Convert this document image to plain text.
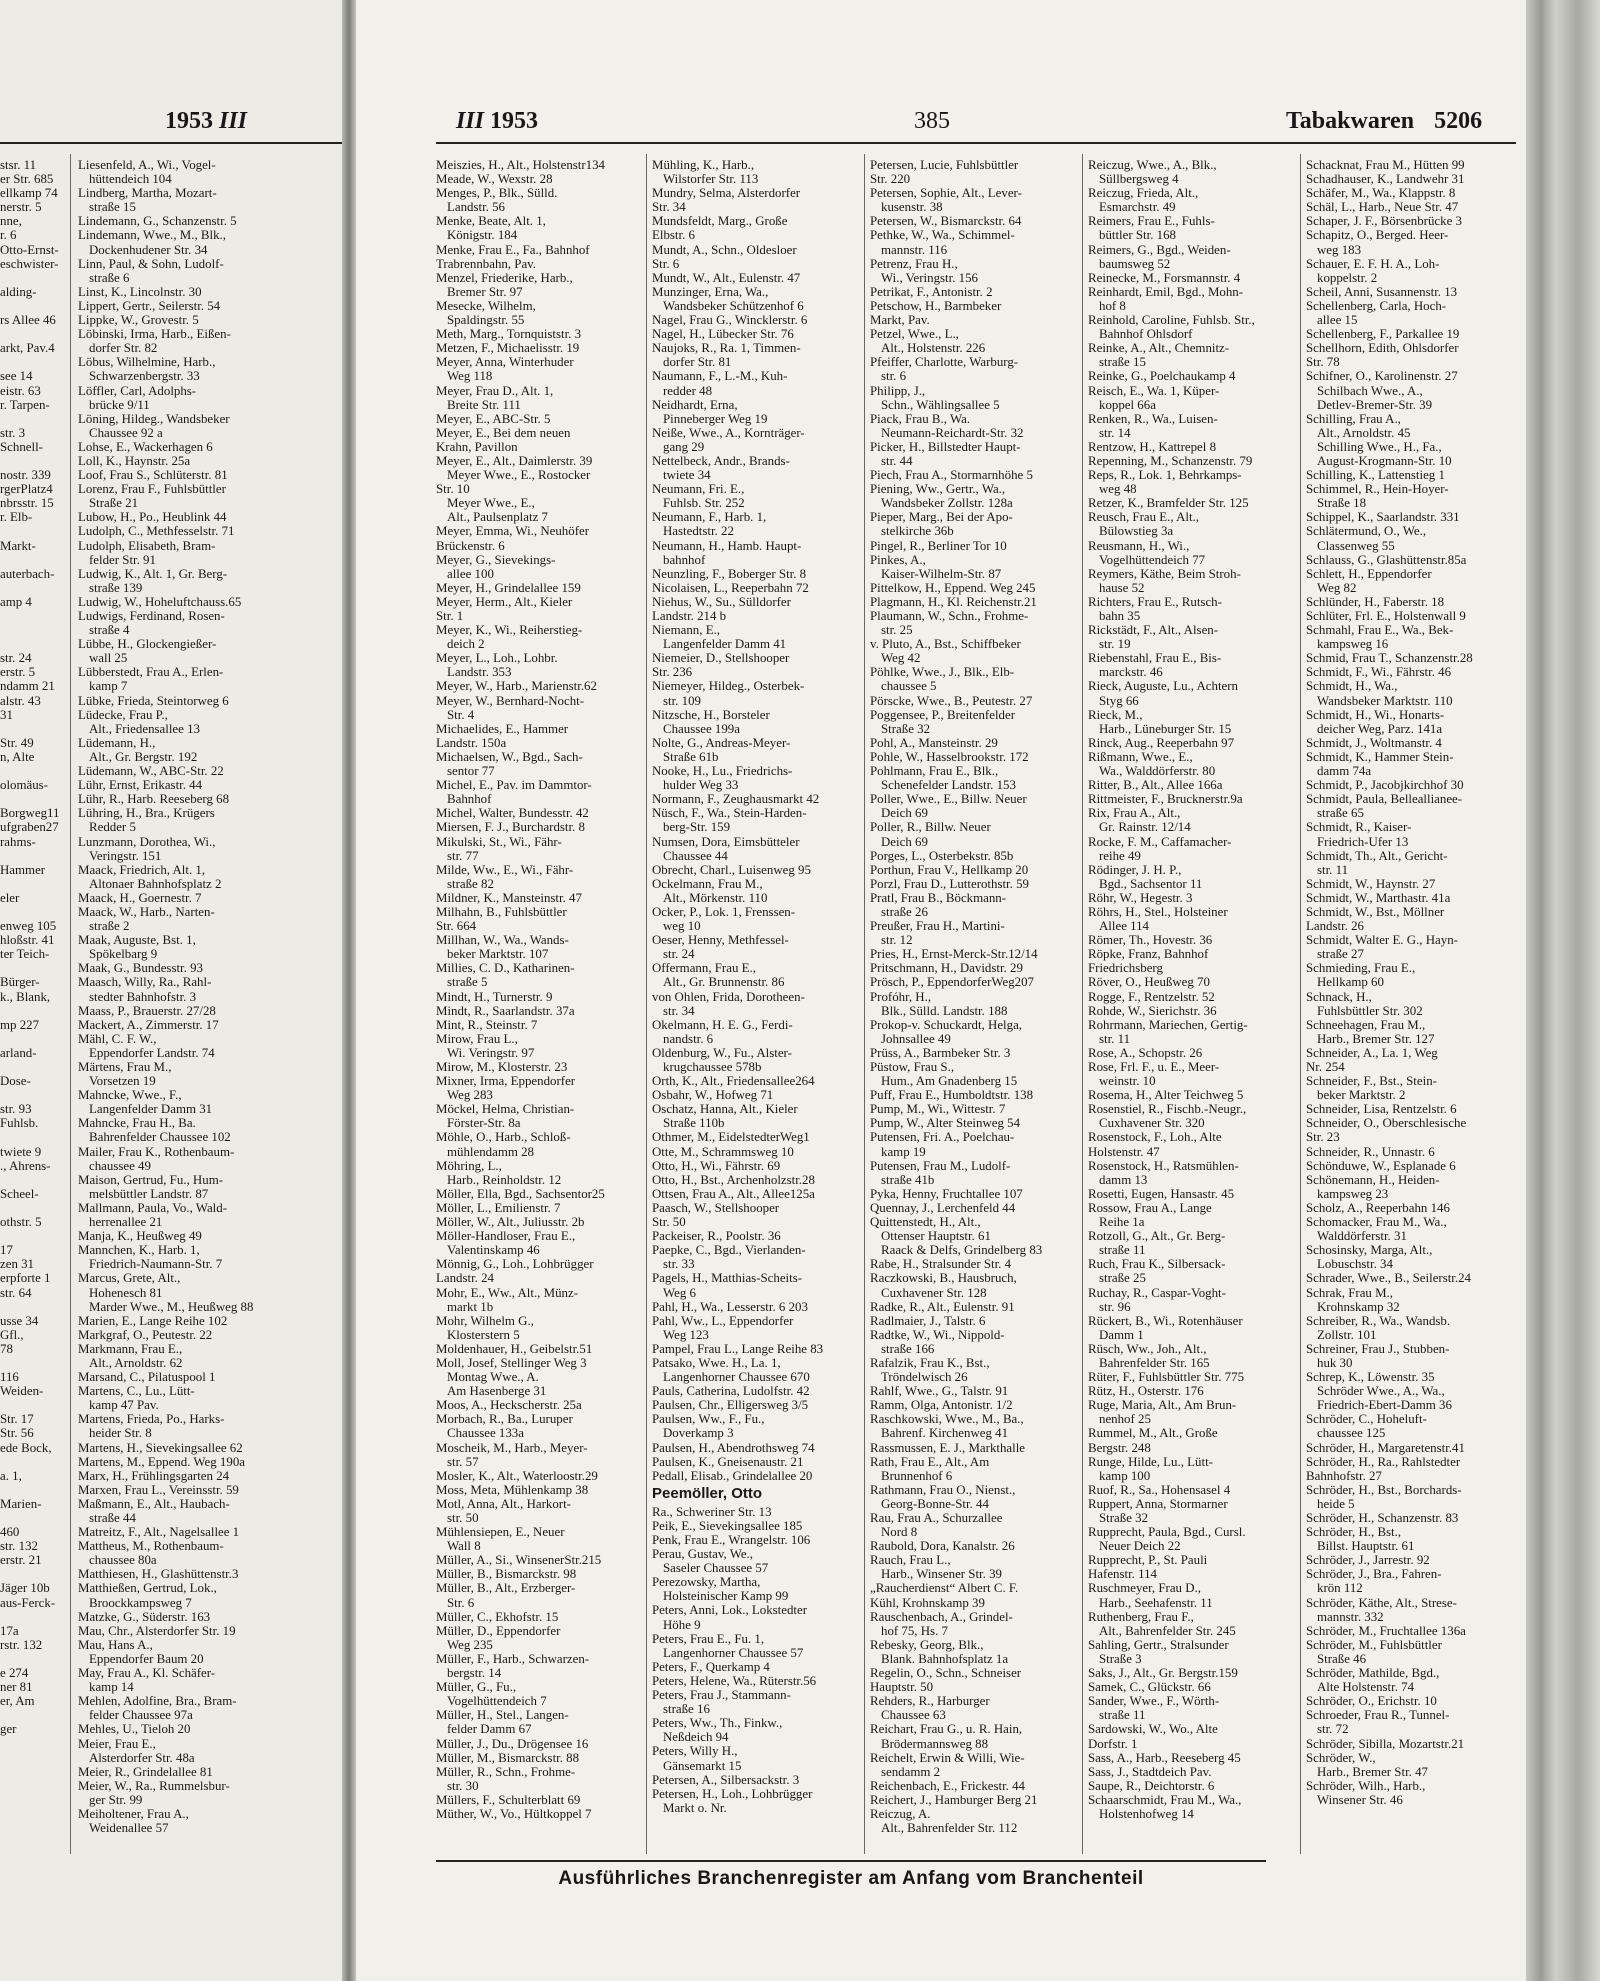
1953 III
stsr. 11
er Str. 685
ellkamp 74
nerstr. 5
nne,
r. 6
Otto-Ernst-
eschwister-

alding-

rs Allee 46

arkt, Pav.4

see 14
eistr. 63
r. Tarpen-

str. 3
Schnell-

nostr. 339
rgerPlatz4
nbrsstr. 15
r. Elb-

Markt-

auterbach-

amp 4

str. 24
erstr. 5
ndamm 21
alstr. 43
31

Str. 49
n, Alte

olomäus-

Borgweg11
ufgraben27
rahms-

Hammer

eler

enweg 105
hloßstr. 41
ter Teich-

Bürger-
k., Blank,

mp 227

arland-

Dose-

str. 93
Fuhlsb.

twiete 9
., Ahrens-

Scheel-

othstr. 5

17
zen 31
erpforte 1
str. 64

usse 34
Gfl.,
78

116
Weiden-

Str. 17
Str. 56
ede Bock,

a. 1,

Marien-

460
str. 132
erstr. 21

Jäger 10b
aus-Ferck-

17a
rstr. 132

e 274
ner 81
er, Am

ger
Liesenfeld, A., Wi., Vogel-
hüttendeich 104
Lindberg, Martha, Mozart-
straße 15
Lindemann, G., Schanzenstr. 5
Lindemann, Wwe., M., Blk.,
Dockenhudener Str. 34
Linn, Paul, & Sohn, Ludolf-
straße 6
Linst, K., Lincolnstr. 30
Lippert, Gertr., Seilerstr. 54
Lippke, W., Grovestr. 5
Löbinski, Irma, Harb., Eißen-
dorfer Str. 82
Löbus, Wilhelmine, Harb.,
Schwarzenbergstr. 33
Löffler, Carl, Adolphs-
brücke 9/11
Löning, Hildeg., Wandsbeker
Chaussee 92 a
Lohse, E., Wackerhagen 6
Loll, K., Haynstr. 25a
Loof, Frau S., Schlüterstr. 81
Lorenz, Frau F., Fuhlsbüttler
Straße 21
Lubow, H., Po., Heublink 44
Ludolph, C., Methfesselstr. 71
Ludolph, Elisabeth, Bram-
felder Str. 91
Ludwig, K., Alt. 1, Gr. Berg-
straße 139
Ludwig, W., Hoheluftchauss.65
Ludwigs, Ferdinand, Rosen-
straße 4
Lübbe, H., Glockengießer-
wall 25
Lübberstedt, Frau A., Erlen-
kamp 7
Lübke, Frieda, Steintorweg 6
Lüdecke, Frau P.,
Alt., Friedensallee 13
Lüdemann, H.,
Alt., Gr. Bergstr. 192
Lüdemann, W., ABC-Str. 22
Lühr, Ernst, Erikastr. 44
Lühr, R., Harb. Reeseberg 68
Lühring, H., Bra., Krügers
Redder 5
Lunzmann, Dorothea, Wi.,
Veringstr. 151
Maack, Friedrich, Alt. 1,
Altonaer Bahnhofsplatz 2
Maack, H., Goernestr. 7
Maack, W., Harb., Narten-
straße 2
Maak, Auguste, Bst. 1,
Spökelbarg 9
Maak, G., Bundesstr. 93
Maasch, Willy, Ra., Rahl-
stedter Bahnhofstr. 3
Maass, P., Brauerstr. 27/28
Mackert, A., Zimmerstr. 17
Mähl, C. F. W.,
Eppendorfer Landstr. 74
Märtens, Frau M.,
Vorsetzen 19
Mahncke, Wwe., F.,
Langenfelder Damm 31
Mahncke, Frau H., Ba.
Bahrenfelder Chaussee 102
Mailer, Frau K., Rothenbaum-
chaussee 49
Maison, Gertrud, Fu., Hum-
melsbüttler Landstr. 87
Mallmann, Paula, Vo., Wald-
herrenallee 21
Manja, K., Heußweg 49
Mannchen, K., Harb. 1,
Friedrich-Naumann-Str. 7
Marcus, Grete, Alt.,
Hohenesch 81
Marder Wwe., M., Heußweg 88
Marien, E., Lange Reihe 102
Markgraf, O., Peutestr. 22
Markmann, Frau E.,
Alt., Arnoldstr. 62
Marsand, C., Pilatuspool 1
Martens, C., Lu., Lütt-
kamp 47 Pav.
Martens, Frieda, Po., Harks-
heider Str. 8
Martens, H., Sievekingsallee 62
Martens, M., Eppend. Weg 190a
Marx, H., Frühlingsgarten 24
Marxen, Frau L., Vereinsstr. 59
Maßmann, E., Alt., Haubach-
straße 44
Matreitz, F., Alt., Nagelsallee 1
Mattheus, M., Rothenbaum-
chaussee 80a
Matthiesen, H., Glashüttenstr.3
Matthießen, Gertrud, Lok.,
Broockkampsweg 7
Matzke, G., Süderstr. 163
Mau, Chr., Alsterdorfer Str. 19
Mau, Hans A.,
Eppendorfer Baum 20
May, Frau A., Kl. Schäfer-
kamp 14
Mehlen, Adolfine, Bra., Bram-
felder Chaussee 97a
Mehles, U., Tieloh 20
Meier, Frau E.,
Alsterdorfer Str. 48a
Meier, R., Grindelallee 81
Meier, W., Ra., Rummelsbur-
ger Str. 99
Meiholtener, Frau A.,
Weidenallee 57
III 1953	385	Tabakwaren 5206
Meiszies, H., Alt., Holstenstr134
Meade, W., Wexstr. 28
Menges, P., Blk., Sülld.
Landstr. 56
Menke, Beate, Alt. 1,
Königstr. 184
Menke, Frau E., Fa., Bahnhof
Trabrennbahn, Pav.
Menzel, Friederike, Harb.,
Bremer Str. 97
Mesecke, Wilhelm,
Spaldingstr. 55
Meth, Marg., Tornquiststr. 3
Metzen, F., Michaelisstr. 19
Meyer, Anna, Winterhuder
Weg 118
Meyer, Frau D., Alt. 1,
Breite Str. 111
Meyer, E., ABC-Str. 5
Meyer, E., Bei dem neuen
Krahn, Pavillon
Meyer, E., Alt., Daimlerstr. 39
Meyer Wwe., E., Rostocker
Str. 10
Meyer Wwe., E.,
Alt., Paulsenplatz 7
Meyer, Emma, Wi., Neuhöfer
Brückenstr. 6
Meyer, G., Sievekings-
allee 100
Meyer, H., Grindelallee 159
Meyer, Herm., Alt., Kieler
Str. 1
Meyer, K., Wi., Reiherstieg-
deich 2
Meyer, L., Loh., Lohbr.
Landstr. 353
Meyer, W., Harb., Marienstr.62
Meyer, W., Bernhard-Nocht-
Str. 4
Michaelides, E., Hammer
Landstr. 150a
Michaelsen, W., Bgd., Sach-
sentor 77
Michel, E., Pav. im Dammtor-
Bahnhof
Michel, Walter, Bundesstr. 42
Miersen, F. J., Burchardstr. 8
Mikulski, St., Wi., Fähr-
str. 77
Milde, Ww., E., Wi., Fähr-
straße 82
Mildner, K., Mansteinstr. 47
Milhahn, B., Fuhlsbüttler
Str. 664
Millhan, W., Wa., Wands-
beker Marktstr. 107
Millies, C. D., Katharinen-
straße 5
Mindt, H., Turnerstr. 9
Mindt, R., Saarlandstr. 37a
Mint, R., Steinstr. 7
Mirow, Frau L.,
Wi. Veringstr. 97
Mirow, M., Klosterstr. 23
Mixner, Irma, Eppendorfer
Weg 283
Möckel, Helma, Christian-
Förster-Str. 8a
Möhle, O., Harb., Schloß-
mühlendamm 28
Möhring, L.,
Harb., Reinholdstr. 12
Möller, Ella, Bgd., Sachsentor25
Möller, L., Emilienstr. 7
Möller, W., Alt., Juliusstr. 2b
Möller-Handloser, Frau E.,
Valentinskamp 46
Mönnig, G., Loh., Lohbrügger
Landstr. 24
Mohr, E., Ww., Alt., Münz-
markt 1b
Mohr, Wilhelm G.,
Klosterstern 5
Moldenhauer, H., Geibelstr.51
Moll, Josef, Stellinger Weg 3
Montag Wwe., A.
Am Hasenberge 31
Moos, A., Heckscherstr. 25a
Morbach, R., Ba., Luruper
Chaussee 133a
Moscheik, M., Harb., Meyer-
str. 57
Mosler, K., Alt., Waterloostr.29
Moss, Meta, Mühlenkamp 38
Motl, Anna, Alt., Harkort-
str. 50
Mühlensiepen, E., Neuer
Wall 8
Müller, A., Si., WinsenerStr.215
Müller, B., Bismarckstr. 98
Müller, B., Alt., Erzberger-
Str. 6
Müller, C., Ekhofstr. 15
Müller, D., Eppendorfer
Weg 235
Müller, F., Harb., Schwarzen-
bergstr. 14
Müller, G., Fu.,
Vogelhüttendeich 7
Müller, H., Stel., Langen-
felder Damm 67
Müller, J., Du., Drögensee 16
Müller, M., Bismarckstr. 88
Müller, R., Schn., Frohme-
str. 30
Müllers, F., Schulterblatt 69
Müther, W., Vo., Hültkoppel 7
Mühling, K., Harb.,
Wilstorfer Str. 113
Mundry, Selma, Alsterdorfer
Str. 34
Mundsfeldt, Marg., Große
Elbstr. 6
Mundt, A., Schn., Oldesloer
Str. 6
Mundt, W., Alt., Eulenstr. 47
Munzinger, Erna, Wa.,
Wandsbeker Schützenhof 6
Nagel, Frau G., Wincklerstr. 6
Nagel, H., Lübecker Str. 76
Naujoks, R., Ra. 1, Timmen-
dorfer Str. 81
Naumann, F., L.-M., Kuh-
redder 48
Neidhardt, Erna,
Pinneberger Weg 19
Neiße, Wwe., A., Kornträger-
gang 29
Nettelbeck, Andr., Brands-
twiete 34
Neumann, Fri. E.,
Fuhlsb. Str. 252
Neumann, F., Harb. 1,
Hastedtstr. 22
Neumann, H., Hamb. Haupt-
bahnhof
Neunzling, F., Boberger Str. 8
Nicolaisen, L., Reeperbahn 72
Niehus, W., Su., Sülldorfer
Landstr. 214 b
Niemann, E.,
Langenfelder Damm 41
Niemeier, D., Stellshooper
Str. 236
Niemeyer, Hildeg., Osterbek-
str. 109
Nitzsche, H., Borsteler
Chaussee 199a
Nolte, G., Andreas-Meyer-
Straße 61b
Nooke, H., Lu., Friedrichs-
hulder Weg 33
Normann, F., Zeughausmarkt 42
Nüsch, F., Wa., Stein-Harden-
berg-Str. 159
Numsen, Dora, Eimsbütteler
Chaussee 44
Obrecht, Charl., Luisenweg 95
Ockelmann, Frau M.,
Alt., Mörkenstr. 110
Ocker, P., Lok. 1, Frenssen-
weg 10
Oeser, Henny, Methfessel-
str. 24
Offermann, Frau E.,
Alt., Gr. Brunnenstr. 86
von Ohlen, Frida, Dorotheen-
str. 34
Okelmann, H. E. G., Ferdi-
nandstr. 6
Oldenburg, W., Fu., Alster-
krugchaussee 578b
Orth, K., Alt., Friedensallee264
Osbahr, W., Hofweg 71
Oschatz, Hanna, Alt., Kieler
Straße 110b
Othmer, M., EidelstedterWeg1
Otte, M., Schrammsweg 10
Otto, H., Wi., Fährstr. 69
Otto, H., Bst., Archenholzstr.28
Ottsen, Frau A., Alt., Allee125a
Paasch, W., Stellshooper
Str. 50
Packeiser, R., Poolstr. 36
Paepke, C., Bgd., Vierlanden-
str. 33
Pagels, H., Matthias-Scheits-
Weg 6
Pahl, H., Wa., Lesserstr. 6 203
Pahl, Ww., L., Eppendorfer
Weg 123
Pampel, Frau L., Lange Reihe 83
Patsako, Wwe. H., La. 1,
Langenhorner Chaussee 670
Pauls, Catherina, Ludolfstr. 42
Paulsen, Chr., Elligersweg 3/5
Paulsen, Ww., F., Fu.,
Doverkamp 3
Paulsen, H., Abendrothsweg 74
Paulsen, K., Gneisenaustr. 21
Pedall, Elisab., Grindelallee 20
Peemöller, Otto
Ra., Schweriner Str. 13
Peik, E., Sievekingsallee 185
Penk, Frau E., Wrangelstr. 106
Perau, Gustav, We.,
Saseler Chaussee 57
Perezowsky, Martha,
Holsteinischer Kamp 99
Peters, Anni, Lok., Lokstedter
Höhe 9
Peters, Frau E., Fu. 1,
Langenhorner Chaussee 57
Peters, F., Querkamp 4
Peters, Helene, Wa., Rüterstr.56
Peters, Frau J., Stammann-
straße 16
Peters, Ww., Th., Finkw.,
Neßdeich 94
Peters, Willy H.,
Gänsemarkt 15
Petersen, A., Silbersackstr. 3
Petersen, H., Loh., Lohbrügger
Markt o. Nr.
Petersen, Lucie, Fuhlsbüttler
Str. 220
Petersen, Sophie, Alt., Lever-
kusenstr. 38
Petersen, W., Bismarckstr. 64
Pethke, W., Wa., Schimmel-
mannstr. 116
Petrenz, Frau H.,
Wi., Veringstr. 156
Petrikat, F., Antonistr. 2
Petschow, H., Barmbeker
Markt, Pav.
Petzel, Wwe., L.,
Alt., Holstenstr. 226
Pfeiffer, Charlotte, Warburg-
str. 6
Philipp, J.,
Schn., Wählingsallee 5
Piack, Frau B., Wa.
Neumann-Reichardt-Str. 32
Picker, H., Billstedter Haupt-
str. 44
Piech, Frau A., Stormarnhöhe 5
Piening, Ww., Gertr., Wa.,
Wandsbeker Zollstr. 128a
Pieper, Marg., Bei der Apo-
stelkirche 36b
Pingel, R., Berliner Tor 10
Pinkes, A.,
Kaiser-Wilhelm-Str. 87
Pittelkow, H., Eppend. Weg 245
Plagmann, H., Kl. Reichenstr.21
Plaumann, W., Schn., Frohme-
str. 25
v. Pluto, A., Bst., Schiffbeker
Weg 42
Pöhlke, Wwe., J., Blk., Elb-
chaussee 5
Pörscke, Wwe., B., Peutestr. 27
Poggensee, P., Breitenfelder
Straße 32
Pohl, A., Mansteinstr. 29
Pohle, W., Hasselbrookstr. 172
Pohlmann, Frau E., Blk.,
Schenefelder Landstr. 153
Poller, Wwe., E., Billw. Neuer
Deich 69
Poller, R., Billw. Neuer
Deich 69
Porges, L., Osterbekstr. 85b
Porthun, Frau V., Hellkamp 20
Porzl, Frau D., Lutterothstr. 59
Pratl, Frau B., Böckmann-
straße 26
Preußer, Frau H., Martini-
str. 12
Pries, H., Ernst-Merck-Str.12/14
Pritschmann, H., Davidstr. 29
Prösch, P., EppendorferWeg207
Profóhr, H.,
Blk., Sülld. Landstr. 188
Prokop-v. Schuckardt, Helga,
Johnsallee 49
Prüss, A., Barmbeker Str. 3
Püstow, Frau S.,
Hum., Am Gnadenberg 15
Puff, Frau E., Humboldtstr. 138
Pump, M., Wi., Wittestr. 7
Pump, W., Alter Steinweg 54
Putensen, Fri. A., Poelchau-
kamp 19
Putensen, Frau M., Ludolf-
straße 41b
Pyka, Henny, Fruchtallee 107
Quennay, J., Lerchenfeld 44
Quittenstedt, H., Alt.,
Ottenser Hauptstr. 61
Raack & Delfs, Grindelberg 83
Rabe, H., Stralsunder Str. 4
Raczkowski, B., Hausbruch,
Cuxhavener Str. 128
Radke, R., Alt., Eulenstr. 91
Radlmaier, J., Talstr. 6
Radtke, W., Wi., Nippold-
straße 166
Rafalzik, Frau K., Bst.,
Tröndelwisch 26
Rahlf, Wwe., G., Talstr. 91
Ramm, Olga, Antonistr. 1/2
Raschkowski, Wwe., M., Ba.,
Bahrenf. Kirchenweg 41
Rassmussen, E. J., Markthalle
Rath, Frau E., Alt., Am
Brunnenhof 6
Rathmann, Frau O., Nienst.,
Georg-Bonne-Str. 44
Rau, Frau A., Schurzallee
Nord 8
Raubold, Dora, Kanalstr. 26
Rauch, Frau L.,
Harb., Winsener Str. 39
„Raucherdienst“ Albert C. F.
Kühl, Krohnskamp 39
Rauschenbach, A., Grindel-
hof 75, Hs. 7
Rebesky, Georg, Blk.,
Blank. Bahnhofsplatz 1a
Regelin, O., Schn., Schneiser
Hauptstr. 50
Rehders, R., Harburger
Chaussee 63
Reichart, Frau G., u. R. Hain,
Brödermannsweg 88
Reichelt, Erwin & Willi, Wie-
sendamm 2
Reichenbach, E., Frickestr. 44
Reichert, J., Hamburger Berg 21
Reiczug, A.
Alt., Bahrenfelder Str. 112
Reiczug, Wwe., A., Blk.,
Süllbergsweg 4
Reiczug, Frieda, Alt.,
Esmarchstr. 49
Reimers, Frau E., Fuhls-
büttler Str. 168
Reimers, G., Bgd., Weiden-
baumsweg 52
Reinecke, M., Forsmannstr. 4
Reinhardt, Emil, Bgd., Mohn-
hof 8
Reinhold, Caroline, Fuhlsb. Str.,
Bahnhof Ohlsdorf
Reinke, A., Alt., Chemnitz-
straße 15
Reinke, G., Poelchaukamp 4
Reisch, E., Wa. 1, Küper-
koppel 66a
Renken, R., Wa., Luisen-
str. 14
Rentzow, H., Kattrepel 8
Repenning, M., Schanzenstr. 79
Reps, R., Lok. 1, Behrkamps-
weg 48
Retzer, K., Bramfelder Str. 125
Reusch, Frau E., Alt.,
Bülowstieg 3a
Reusmann, H., Wi.,
Vogelhüttendeich 77
Reymers, Käthe, Beim Stroh-
hause 52
Richters, Frau E., Rutsch-
bahn 35
Rickstädt, F., Alt., Alsen-
str. 19
Riebenstahl, Frau E., Bis-
marckstr. 46
Rieck, Auguste, Lu., Achtern
Styg 66
Rieck, M.,
Harb., Lüneburger Str. 15
Rinck, Aug., Reeperbahn 97
Rißmann, Wwe., E.,
Wa., Walddörferstr. 80
Ritter, B., Alt., Allee 166a
Rittmeister, F., Brucknerstr.9a
Rix, Frau A., Alt.,
Gr. Rainstr. 12/14
Rocke, F. M., Caffamacher-
reihe 49
Rödinger, J. H. P.,
Bgd., Sachsentor 11
Röhr, W., Hegestr. 3
Röhrs, H., Stel., Holsteiner
Allee 114
Römer, Th., Hovestr. 36
Röpke, Franz, Bahnhof
Friedrichsberg
Röver, O., Heußweg 70
Rogge, F., Rentzelstr. 52
Rohde, W., Sierichstr. 36
Rohrmann, Mariechen, Gertig-
str. 11
Rose, A., Schopstr. 26
Rose, Frl. F., u. E., Meer-
weinstr. 10
Rosema, H., Alter Teichweg 5
Rosenstiel, R., Fischb.-Neugr.,
Cuxhavener Str. 320
Rosenstock, F., Loh., Alte
Holstenstr. 47
Rosenstock, H., Ratsmühlen-
damm 13
Rosetti, Eugen, Hansastr. 45
Rossow, Frau A., Lange
Reihe 1a
Rotzoll, G., Alt., Gr. Berg-
straße 11
Ruch, Frau K., Silbersack-
straße 25
Ruchay, R., Caspar-Voght-
str. 96
Rückert, B., Wi., Rotenhäuser
Damm 1
Rüsch, Ww., Joh., Alt.,
Bahrenfelder Str. 165
Rüter, F., Fuhlsbüttler Str. 775
Rütz, H., Osterstr. 176
Ruge, Maria, Alt., Am Brun-
nenhof 25
Rummel, M., Alt., Große
Bergstr. 248
Runge, Hilde, Lu., Lütt-
kamp 100
Ruof, R., Sa., Hohensasel 4
Ruppert, Anna, Stormarner
Straße 32
Rupprecht, Paula, Bgd., Cursl.
Neuer Deich 22
Rupprecht, P., St. Pauli
Hafenstr. 114
Ruschmeyer, Frau D.,
Harb., Seehafenstr. 11
Ruthenberg, Frau F.,
Alt., Bahrenfelder Str. 245
Sahling, Gertr., Stralsunder
Straße 3
Saks, J., Alt., Gr. Bergstr.159
Samek, C., Glückstr. 66
Sander, Wwe., F., Wörth-
straße 11
Sardowski, W., Wo., Alte
Dorfstr. 1
Sass, A., Harb., Reeseberg 45
Sass, J., Stadtdeich Pav.
Saupe, R., Deichtorstr. 6
Schaarschmidt, Frau M., Wa.,
Holstenhofweg 14
Schacknat, Frau M., Hütten 99
Schadhauser, K., Landwehr 31
Schäfer, M., Wa., Klappstr. 8
Schäl, L., Harb., Neue Str. 47
Schaper, J. F., Börsenbrücke 3
Schapitz, O., Berged. Heer-
weg 183
Schauer, E. F. H. A., Loh-
koppelstr. 2
Scheil, Anni, Susannenstr. 13
Schellenberg, Carla, Hoch-
allee 15
Schellenberg, F., Parkallee 19
Schellhorn, Edith, Ohlsdorfer
Str. 78
Schifner, O., Karolinenstr. 27
Schilbach Wwe., A.,
Detlev-Bremer-Str. 39
Schilling, Frau A.,
Alt., Arnoldstr. 45
Schilling Wwe., H., Fa.,
August-Krogmann-Str. 10
Schilling, K., Lattenstieg 1
Schimmel, R., Hein-Hoyer-
Straße 18
Schippel, K., Saarlandstr. 331
Schlätermund, O., We.,
Classenweg 55
Schlauss, G., Glashüttenstr.85a
Schlett, H., Eppendorfer
Weg 82
Schlünder, H., Faberstr. 18
Schlüter, Frl. E., Holstenwall 9
Schmahl, Frau E., Wa., Bek-
kampsweg 16
Schmid, Frau T., Schanzenstr.28
Schmidt, F., Wi., Fährstr. 46
Schmidt, H., Wa.,
Wandsbeker Marktstr. 110
Schmidt, H., Wi., Honarts-
deicher Weg, Parz. 141a
Schmidt, J., Woltmanstr. 4
Schmidt, K., Hammer Stein-
damm 74a
Schmidt, P., Jacobjkirchhof 30
Schmidt, Paula, Belleallianee-
straße 65
Schmidt, R., Kaiser-
Friedrich-Ufer 13
Schmidt, Th., Alt., Gericht-
str. 11
Schmidt, W., Haynstr. 27
Schmidt, W., Marthastr. 41a
Schmidt, W., Bst., Möllner
Landstr. 26
Schmidt, Walter E. G., Hayn-
straße 27
Schmieding, Frau E.,
Hellkamp 60
Schnack, H.,
Fuhlsbüttler Str. 302
Schneehagen, Frau M.,
Harb., Bremer Str. 127
Schneider, A., La. 1, Weg
Nr. 254
Schneider, F., Bst., Stein-
beker Marktstr. 2
Schneider, Lisa, Rentzelstr. 6
Schneider, O., Oberschlesische
Str. 23
Schneider, R., Unnastr. 6
Schönduwe, W., Esplanade 6
Schönemann, H., Heiden-
kampsweg 23
Scholz, A., Reeperbahn 146
Schomacker, Frau M., Wa.,
Walddörferstr. 31
Schosinsky, Marga, Alt.,
Lobuschstr. 34
Schrader, Wwe., B., Seilerstr.24
Schrak, Frau M.,
Krohnskamp 32
Schreiber, R., Wa., Wandsb.
Zollstr. 101
Schreiner, Frau J., Stubben-
huk 30
Schrep, K., Löwenstr. 35
Schröder Wwe., A., Wa.,
Friedrich-Ebert-Damm 36
Schröder, C., Hoheluft-
chaussee 125
Schröder, H., Margaretenstr.41
Schröder, H., Ra., Rahlstedter
Bahnhofstr. 27
Schröder, H., Bst., Borchards-
heide 5
Schröder, H., Schanzenstr. 83
Schröder, H., Bst.,
Billst. Hauptstr. 61
Schröder, J., Jarrestr. 92
Schröder, J., Bra., Fahren-
krön 112
Schröder, Käthe, Alt., Strese-
mannstr. 332
Schröder, M., Fruchtallee 136a
Schröder, M., Fuhlsbüttler
Straße 46
Schröder, Mathilde, Bgd.,
Alte Holstenstr. 74
Schröder, O., Erichstr. 10
Schroeder, Frau R., Tunnel-
str. 72
Schröder, Sibilla, Mozartstr.21
Schröder, W.,
Harb., Bremer Str. 47
Schröder, Wilh., Harb.,
Winsener Str. 46
Ausführliches Branchenregister am Anfang vom Branchenteil
